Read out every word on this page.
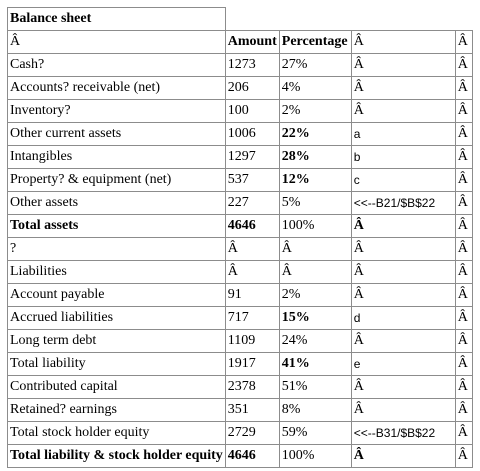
Balance sheet				
Â	Amount	Percentage	Â	Â
Cash?	1273	27%	Â	Â
Accounts? receivable (net)	206	4%	Â	Â
Inventory?	100	2%	Â	Â
Other current assets	1006	22%	a	Â
Intangibles	1297	28%	b	Â
Property? & equipment (net)	537	12%	c	Â
Other assets	227	5%	<<--B21/$B$22	Â
Total assets	4646	100%	Â	Â
?	Â	Â	Â	Â
Liabilities	Â	Â	Â	Â
Account payable	91	2%	Â	Â
Accrued liabilities	717	15%	d	Â
Long term debt	1109	24%	Â	Â
Total liability	1917	41%	e	Â
Contributed capital	2378	51%	Â	Â
Retained? earnings	351	8%	Â	Â
Total stock holder equity	2729	59%	<<--B31/$B$22	Â
Total liability & stock holder equity	4646	100%	Â	Â
